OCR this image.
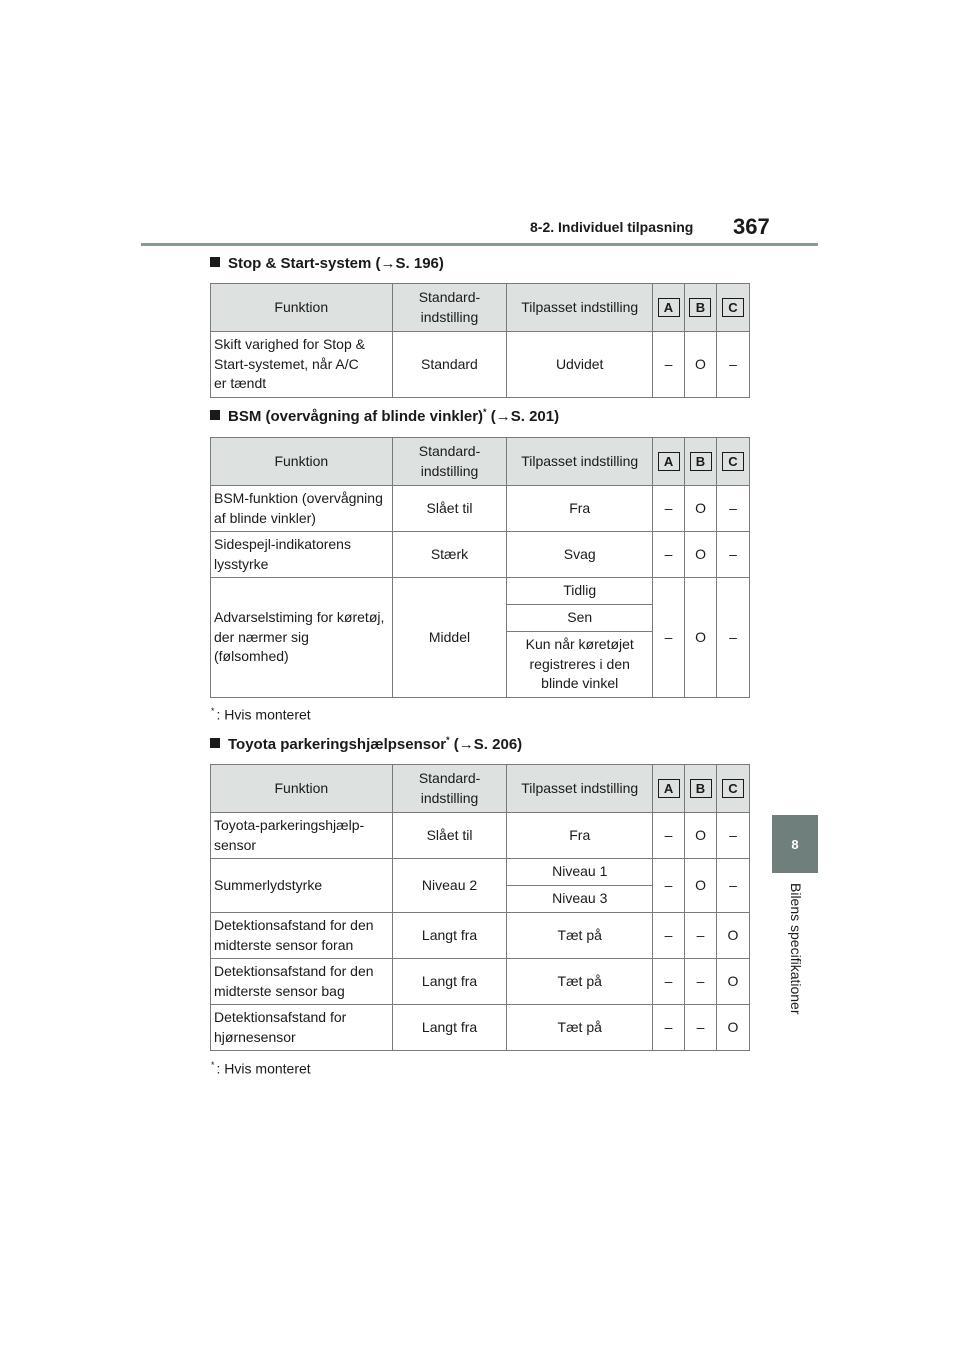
8-2. Individuel tilpasning 367
8
Bilens specifikationer
Stop & Start-system (→S. 196)
Funktion	Standard-
indstilling	Tilpasset indstilling	A	B	C
Skift varighed for Stop &
Start-systemet, når A/C
er tændt	Standard	Udvidet	–	O	–
BSM (overvågning af blinde vinkler)* (→S. 201)
Funktion	Standard-
indstilling	Tilpasset indstilling	A	B	C
BSM-funktion (overvågning
af blinde vinkler)	Slået til	Fra	–	O	–
Sidespejl-indikatorens
lysstyrke	Stærk	Svag	–	O	–
Advarselstiming for køretøj,
der nærmer sig
(følsomhed)	Middel	Tidlig	–	O	–
		Sen			
		Kun når køretøjet
registreres i den
blinde vinkel			
* : Hvis monteret
Toyota parkeringshjælpsensor* (→S. 206)
Funktion	Standard-
indstilling	Tilpasset indstilling	A	B	C
Toyota-parkeringshjælp-
sensor	Slået til	Fra	–	O	–
Summerlydstyrke	Niveau 2	Niveau 1	–	O	–
		Niveau 3			
Detektionsafstand for den
midterste sensor foran	Langt fra	Tæt på	–	–	O
Detektionsafstand for den
midterste sensor bag	Langt fra	Tæt på	–	–	O
Detektionsafstand for
hjørnesensor	Langt fra	Tæt på	–	–	O
* : Hvis monteret
